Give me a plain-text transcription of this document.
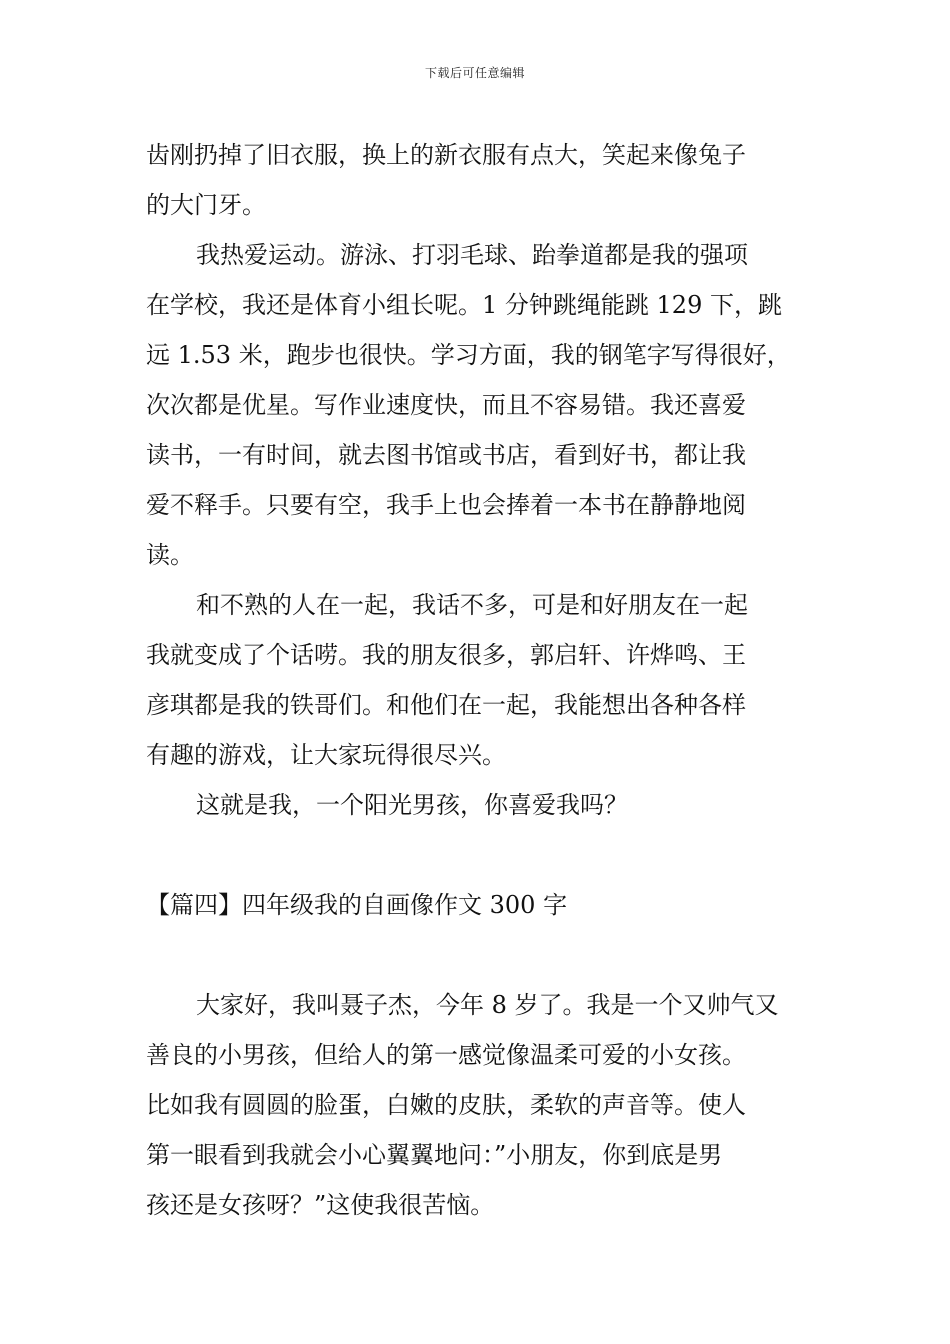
下载后可任意编辑
齿刚扔掉了旧衣服，换上的新衣服有点大，笑起来像兔子
的大门牙。
我热爱运动。游泳、打羽毛球、跆拳道都是我的强项
在学校，我还是体育小组长呢。1 分钟跳绳能跳 129 下，跳
远 1.53 米，跑步也很快。学习方面，我的钢笔字写得很好，
次次都是优星。写作业速度快，而且不容易错。我还喜爱
读书，一有时间，就去图书馆或书店，看到好书，都让我
爱不释手。只要有空，我手上也会捧着一本书在静静地阅
读。
和不熟的人在一起，我话不多，可是和好朋友在一起
我就变成了个话唠。我的朋友很多，郭启轩、许烨鸣、王
彦琪都是我的铁哥们。和他们在一起，我能想出各种各样
有趣的游戏，让大家玩得很尽兴。
这就是我，一个阳光男孩，你喜爱我吗？
【篇四】四年级我的自画像作文 300 字
大家好，我叫聂子杰，今年 8 岁了。我是一个又帅气又
善良的小男孩，但给人的第一感觉像温柔可爱的小女孩。
比如我有圆圆的脸蛋，白嫩的皮肤，柔软的声音等。使人
第一眼看到我就会小心翼翼地问：”小朋友，你到底是男
孩还是女孩呀？”这使我很苦恼。
